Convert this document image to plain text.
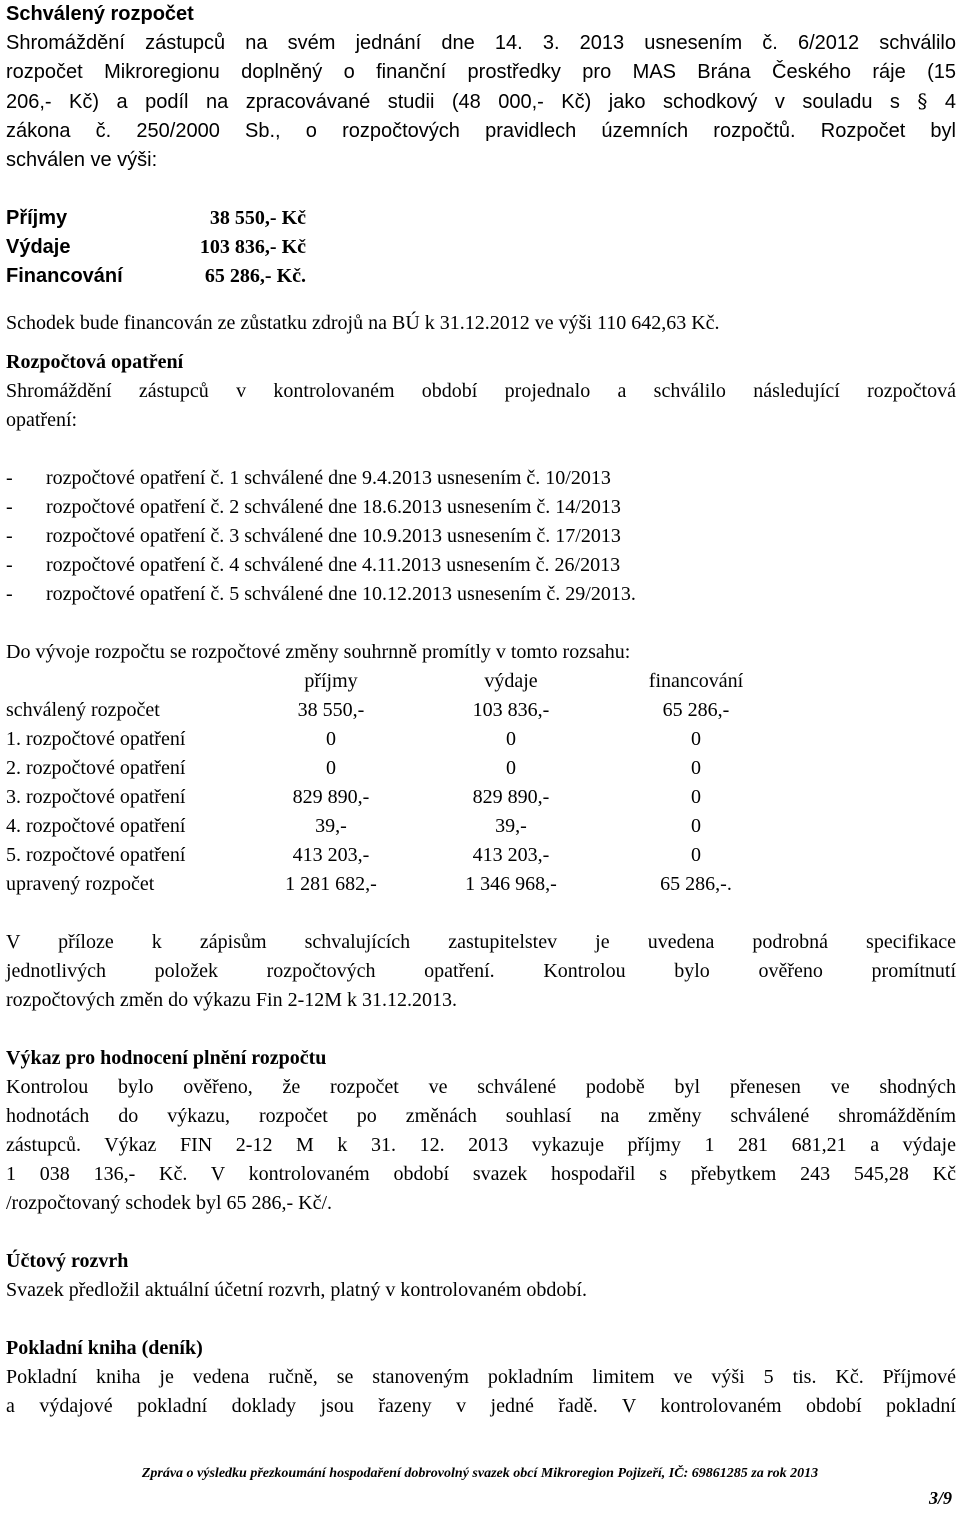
Schválený rozpočet

Shromáždění zástupců na svém jednání dne 14. 3. 2013 usnesením č. 6/2012 schválilo

rozpočet Mikroregionu doplněný o finanční prostředky pro MAS Brána Českého ráje (15

206,- Kč) a podíl na zpracovávané studii (48 000,- Kč) jako schodkový v souladu s § 4

zákona č. 250/2000 Sb., o rozpočtových pravidlech územních rozpočtů. Rozpočet byl

schválen ve výši:

Příjmy	38 550,- Kč
Výdaje	103 836,- Kč
Financování	65 286,- Kč.

Schodek bude financován ze zůstatku zdrojů na BÚ k 31.12.2012 ve výši 110 642,63 Kč.

Rozpočtová opatření

Shromáždění zástupců v kontrolovaném období projednalo a schválilo následující rozpočtová

opatření:

-	rozpočtové opatření č. 1 schválené dne 9.4.2013 usnesením č. 10/2013
-	rozpočtové opatření č. 2 schválené dne 18.6.2013 usnesením č. 14/2013
-	rozpočtové opatření č. 3 schválené dne 10.9.2013 usnesením č. 17/2013
-	rozpočtové opatření č. 4 schválené dne 4.11.2013 usnesením č. 26/2013
-	rozpočtové opatření č. 5 schválené dne 10.12.2013 usnesením č. 29/2013.

Do vývoje rozpočtu se rozpočtové změny souhrnně promítly v tomto rozsahu:

	příjmy	výdaje	financování
schválený rozpočet	38 550,-	103 836,-	65 286,-
1. rozpočtové opatření	0	0	0
2. rozpočtové opatření	0	0	0
3. rozpočtové opatření	829 890,-	829 890,-	0
4. rozpočtové opatření	39,-	39,-	0
5. rozpočtové opatření	413 203,-	413 203,-	0
upravený rozpočet	1 281 682,-	1 346 968,-	65 286,-.

V příloze k zápisům schvalujících zastupitelstev je uvedena podrobná specifikace

jednotlivých položek rozpočtových opatření. Kontrolou bylo ověřeno promítnutí

rozpočtových změn do výkazu Fin 2-12M k 31.12.2013.

Výkaz pro hodnocení plnění rozpočtu

Kontrolou bylo ověřeno, že rozpočet ve schválené podobě byl přenesen ve shodných

hodnotách do výkazu, rozpočet po změnách souhlasí na změny schválené shromážděním

zástupců. Výkaz FIN 2-12 M k 31. 12. 2013 vykazuje příjmy 1 281 681,21 a výdaje

1 038 136,- Kč. V kontrolovaném období svazek hospodařil s přebytkem 243 545,28 Kč

/rozpočtovaný schodek byl 65 286,- Kč/.

Účtový rozvrh

Svazek předložil aktuální účetní rozvrh, platný v kontrolovaném období.

Pokladní kniha (deník)

Pokladní kniha je vedena ručně, se stanoveným pokladním limitem ve výši 5 tis. Kč. Příjmové

a výdajové pokladní doklady jsou řazeny v jedné řadě. V kontrolovaném období pokladní

Zpráva o výsledku přezkoumání hospodaření dobrovolný svazek obcí Mikroregion Pojizeří, IČ: 69861285 za rok 2013
3/9
